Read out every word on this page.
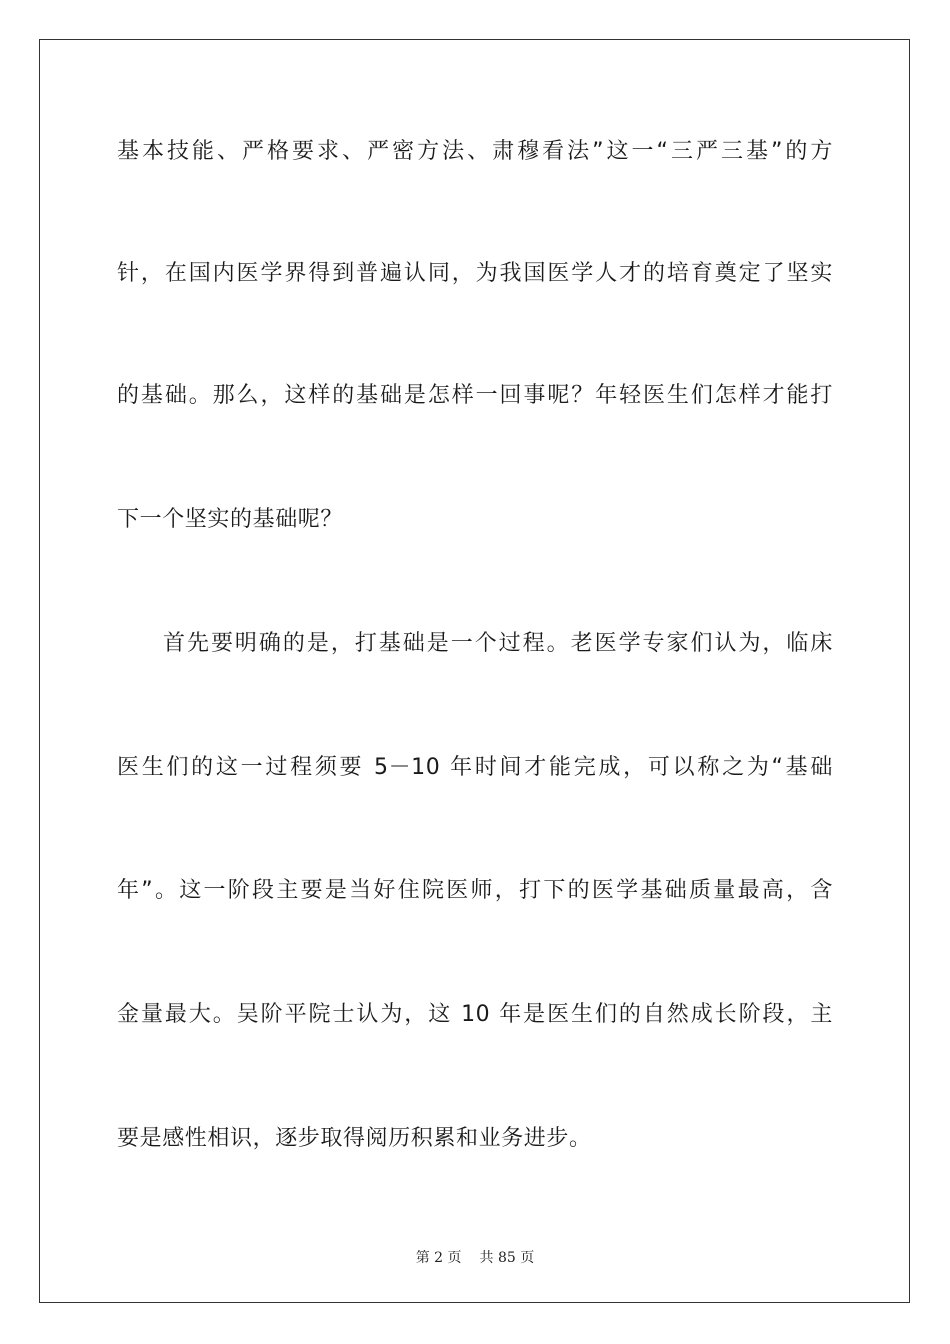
基本技能、严格要求、严密方法、肃穆看法”这一“三严三基”的方
针，在国内医学界得到普遍认同，为我国医学人才的培育奠定了坚实
的基础。那么，这样的基础是怎样一回事呢？年轻医生们怎样才能打
下一个坚实的基础呢？
首先要明确的是，打基础是一个过程。老医学专家们认为，临床
医生们的这一过程须要 5－10 年时间才能完成，可以称之为“基础
年”。这一阶段主要是当好住院医师，打下的医学基础质量最高，含
金量最大。吴阶平院士认为，这 10 年是医生们的自然成长阶段，主
要是感性相识，逐步取得阅历积累和业务进步。
第 2 页 共 85 页
